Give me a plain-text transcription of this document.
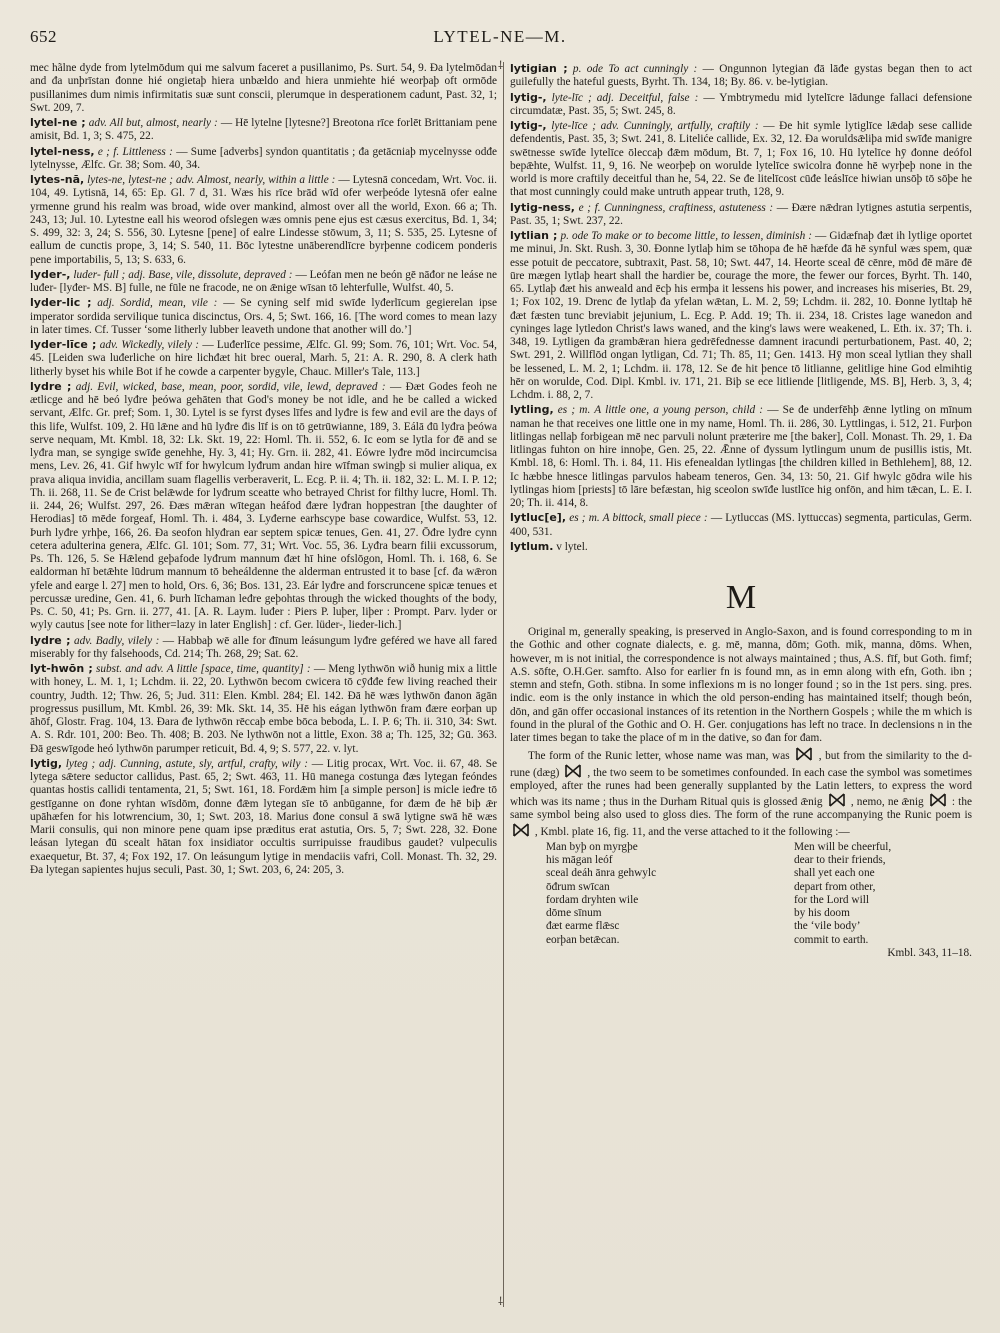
652	LYTEL-NE—M.
⸸
⸸

mec hãlne dyde from lytelmōdum qui me salvum faceret a pusillanimo, Ps. Surt. 54, 9. Đa lytelmōdan and đa unþrīstan đonne hié ongietaþ hiera unbældo and hiera unmiehte hié weorþaþ oft ormōde pusillanimes dum nimis infirmitatis suæ sunt conscii, plerumque in desperationem cadunt, Past. 32, 1; Swt. 209, 7.

lytel-ne ; adv. All but, almost, nearly : — Hē lytelne [lytesne?] Breotona rīce forlēt Brittaniam pene amisit, Bd. 1, 3; S. 475, 22.

lytel-ness, e ; f. Littleness : — Sume [adverbs] syndon quantitatis ; đa getācniaþ mycelnysse odđe lytelnysse, Ælfc. Gr. 38; Som. 40, 34.

lytes-nā, lytes-ne, lytest-ne ; adv. Almost, nearly, within a little : — Lytesnā concedam, Wrt. Voc. ii. 104, 49. Lytisnā, 14, 65: Ep. Gl. 7 d, 31. Wæs his rīce brād wīd ofer werþeóde lytesnā ofer ealne yrmenne grund his realm was broad, wide over mankind, almost over all the world, Exon. 66 a; Th. 243, 13; Jul. 10. Lytestne eall his weorod ofslegen wæs omnis pene ejus est cæsus exercitus, Bd. 1, 34; S. 499, 32: 3, 24; S. 556, 30. Lytesne [pene] of ealre Lindesse stōwum, 3, 11; S. 535, 25. Lytesne of eallum de cunctis prope, 3, 14; S. 540, 11. Bōc lytestne unāberendlīcre byrþenne codicem ponderis pene importabilis, 5, 13; S. 633, 6.

lyder-, luder- full ; adj. Base, vile, dissolute, depraved : — Leófan men ne beón gē nāđor ne leáse ne luđer- [lyđer- MS. B] fulle, ne fūle ne fracode, ne on ǣnige wīsan tō lehterfulle, Wulfst. 40, 5.

lyder-lic ; adj. Sordid, mean, vile : — Se cyning self mid swīđe lyđerlīcum gegierelan ipse imperator sordida servilique tunica discinctus, Ors. 4, 5; Swt. 166, 16. [The word comes to mean lazy in later times. Cf. Tusser ‘some litherly lubber leaveth undone that another will do.’]

lyder-līce ; adv. Wickedly, vilely : — Luđerlīce pessime, Ælfc. Gl. 99; Som. 76, 101; Wrt. Voc. 54, 45. [Leiden swa luđerliche on hire lichđæt hit brec oueral, Marh. 5, 21: A. R. 290, 8. A clerk hath litherly byset his while Bot if he cowde a carpenter bygyle, Chauc. Miller's Tale, 113.]

lydre ; adj. Evil, wicked, base, mean, poor, sordid, vile, lewd, depraved : — Đæt Godes feoh ne ætlicge and hē beó lyđre þeówa gehāten that God's money be not idle, and he be called a wicked servant, Ælfc. Gr. pref; Som. 1, 30. Lytel is se fyrst đyses līfes and lyđre is few and evil are the days of this life, Wulfst. 109, 2. Hū lǣne and hū lyđre đis līf is on tō getrūwianne, 189, 3. Eálā đū lyđra þeówa serve nequam, Mt. Kmbl. 18, 32: Lk. Skt. 19, 22: Homl. Th. ii. 552, 6. Ic eom se lytla for đē and se lyđra man, se syngige swīđe genehhe, Hy. 3, 41; Hy. Grn. ii. 282, 41. Eówre lyđre mōd incircumcisa mens, Lev. 26, 41. Gif hwylc wīf for hwylcum lyđrum andan hire wīfman swingþ si mulier aliqua, ex prava aliqua invidia, ancillam suam flagellis verberaverit, L. Ecg. P. ii. 4; Th. ii. 182, 32: L. M. I. P. 12; Th. ii. 268, 11. Se đe Crist belǣwde for lyđrum sceatte who betrayed Christ for filthy lucre, Homl. Th. ii. 244, 26; Wulfst. 297, 26. Đæs mǣran wītegan heáfod đære lyđran hoppestran [the daughter of Herodias] tō mēde forgeaf, Homl. Th. i. 484, 3. Lyđerne earhscype base cowardice, Wulfst. 53, 12. Þurh lyđre yrhþe, 166, 26. Đa seofon hlyđran ear septem spicæ tenues, Gen. 41, 27. Ōđre lyđre cynn cetera adulterina genera, Ælfc. Gl. 101; Som. 77, 31; Wrt. Voc. 55, 36. Lyđra bearn filii excussorum, Ps. Th. 126, 5. Se Hǣlend geþafode lyđrum mannum đæt hī hine ofslōgon, Homl. Th. i. 168, 6. Se ealdorman hī betǣhte lūdrum mannum tō beheáldenne the alderman entrusted it to base [cf. đa wǣron yfele and earge l. 27] men to hold, Ors. 6, 36; Bos. 131, 23. Eár lyđre and forscruncene spicæ tenues et percussæ uredine, Gen. 41, 6. Þurh līchaman leđre geþohtas through the wicked thoughts of the body, Ps. C. 50, 41; Ps. Grn. ii. 277, 41. [A. R. Laym. luđer : Piers P. luþer, liþer : Prompt. Parv. lyder or wyly cautus [see note for lither=lazy in later English] : cf. Ger. lüder-, lieder-lich.]

lydre ; adv. Badly, vilely : — Habbaþ wē alle for đīnum leásungum lyđre geféred we have all fared miserably for thy falsehoods, Cd. 214; Th. 268, 29; Sat. 62.

lyt-hwōn ; subst. and adv. A little [space, time, quantity] : — Meng lythwōn wið hunig mix a little with honey, L. M. 1, 1; Lchdm. ii. 22, 20. Lythwōn becom cwicera tō cȳđđe few living reached their country, Judth. 12; Thw. 26, 5; Jud. 311: Elen. Kmbl. 284; El. 142. Đā hē wæs lythwōn đanon āgān progressus pusillum, Mt. Kmbl. 26, 39: Mk. Skt. 14, 35. Hē his eágan lythwōn fram đære eorþan up āhōf, Glostr. Frag. 104, 13. Đara đe lythwōn rēccaþ embe bōca beboda, L. I. P. 6; Th. ii. 310, 34: Swt. A. S. Rdr. 101, 200: Beo. Th. 408; B. 203. Ne lythwōn not a little, Exon. 38 a; Th. 125, 32; Gū. 363. Đā geswīgode heó lythwōn parumper reticuit, Bd. 4, 9; S. 577, 22. v. lyt.

lytig, lyteg ; adj. Cunning, astute, sly, artful, crafty, wily : — Litig procax, Wrt. Voc. ii. 67, 48. Se lytega sǣtere seductor callidus, Past. 65, 2; Swt. 463, 11. Hū manega costunga đæs lytegan feóndes quantas hostis callidi tentamenta, 21, 5; Swt. 161, 18. Fordǣm him [a simple person] is micle ieđre tō gestīganne on đone ryhtan wīsdōm, đonne đǣm lytegan sīe tō anbūganne, for đæm đe hē biþ ǣr upāhæfen for his lotwrencium, 30, 1; Swt. 203, 18. Marius đone consul ā swā lytigne swā hē wæs Marii consulis, qui non minore pene quam ipse præditus erat astutia, Ors. 5, 7; Swt. 228, 32. Đone leásan lytegan đū scealt hātan fox insidiator occultis surripuisse fraudibus gaudet? vulpeculis exaequetur, Bt. 37, 4; Fox 192, 17. On leásungum lytige in mendaciis vafri, Coll. Monast. Th. 32, 29. Đa lytegan sapientes hujus seculi, Past. 30, 1; Swt. 203, 6, 24: 205, 3.

lytigian ; p. ode To act cunningly : — Ongunnon lytegian đā lāđe gystas began then to act guilefully the hateful guests, Byrht. Th. 134, 18; By. 86. v. be-lytigian.

lytig-, lyte-līc ; adj. Deceitful, false : — Ymbtrymedu mid lytelīcre lādunge fallaci defensione circumdatæ, Past. 35, 5; Swt. 245, 8.

lytig-, lyte-līce ; adv. Cunningly, artfully, craftily : — Đe hit symle lytiglīce lǣdaþ sese callide defendentis, Past. 35, 3; Swt. 241, 8. Liteliće callide, Ex. 32, 12. Đa woruldsǣliþa mid swīđe manigre swētnesse swīđe lytelīce ōleccaþ đǣm mōdum, Bt. 7, 1; Fox 16, 10. Hū lytelīce hȳ đonne deófol bepǣhte, Wulfst. 11, 9, 16. Ne weorþeþ on worulde lytelīce swicolra đonne hē wyrþeþ none in the world is more craftily deceitful than he, 54, 22. Se đe litelīcost cūđe leáslīce hiwian unsōþ tō sōþe he that most cunningly could make untruth appear truth, 128, 9.

lytig-ness, e ; f. Cunningness, craftiness, astuteness : — Đære nǣdran lytignes astutia serpentis, Past. 35, 1; Swt. 237, 22.

lytlian ; p. ode To make or to become little, to lessen, diminish : — Gidæfnaþ đæt ih lytlige oportet me minui, Jn. Skt. Rush. 3, 30. Đonne lytlaþ him se tōhopa đe hē hæfde đā hē synful wæs spem, quæ esse potuit de peccatore, subtraxit, Past. 58, 10; Swt. 447, 14. Heorte sceal đē cēnre, mōd đē māre đē ūre mægen lytlaþ heart shall the hardier be, courage the more, the fewer our forces, Byrht. Th. 140, 65. Lytlaþ đæt his anweald and ēcþ his ermþa it lessens his power, and increases his miseries, Bt. 29, 1; Fox 102, 19. Drenc đe lytlaþ đa yfelan wǣtan, L. M. 2, 59; Lchdm. ii. 282, 10. Đonne lytltaþ hē đæt fæsten tunc breviabit jejunium, L. Ecg. P. Add. 19; Th. ii. 234, 18. Cristes lage wanedon and cyninges lage lytledon Christ's laws waned, and the king's laws were weakened, L. Eth. ix. 37; Th. i. 348, 19. Lytligen đa grambǣran hiera gedrēfednesse damnent iracundi perturbationem, Past. 40, 2; Swt. 291, 2. Willflōd ongan lytligan, Cd. 71; Th. 85, 11; Gen. 1413. Hȳ mon sceal lytlian they shall be lessened, L. M. 2, 1; Lchdm. ii. 178, 12. Se đe hit þence tō litlianne, gelitlige hine God elmihtig hēr on worulde, Cod. Dipl. Kmbl. iv. 171, 21. Biþ se ece litliende [litligende, MS. B], Herb. 3, 3, 4; Lchdm. i. 88, 2, 7.

lytling, es ; m. A little one, a young person, child : — Se đe underfēhþ ǣnne lytling on mīnum naman he that receives one little one in my name, Homl. Th. ii. 286, 30. Lyttlingas, i. 512, 21. Furþon litlingas nellaþ forbigean mē nec parvuli nolunt præterire me [the baker], Coll. Monast. Th. 29, 1. Đa litlingas fuhton on hire innoþe, Gen. 25, 22. Ǣnne of đyssum lytlingum unum de pusillis istis, Mt. Kmbl. 18, 6: Homl. Th. i. 84, 11. His efenealdan lytlingas [the children killed in Bethlehem], 88, 12. Ic hæbbe hnesce litlingas parvulos habeam teneros, Gen. 34, 13: 50, 21. Gif hwylc gōdra wile his lytlingas hiom [priests] tō lāre befæstan, hig sceolon swīđe lustlīce hig onfōn, and him tǣcan, L. E. I. 20; Th. ii. 414, 8.

lytluc[e], es ; m. A bittock, small piece : — Lytluccas (MS. lyttuccas) segmenta, particulas, Germ. 400, 531.

lytlum. v lytel.

M

Original m, generally speaking, is preserved in Anglo-Saxon, and is found corresponding to m in the Gothic and other cognate dialects, e. g. mē, manna, dōm; Goth. mik, manna, dōms. When, however, m is not initial, the correspondence is not always maintained ; thus, A.S. fīf, but Goth. fimf; A.S. sōfte, O.H.Ger. samfto. Also for earlier fn is found mn, as in emn along with efn, Goth. ibn ; stemn and stefn, Goth. stibna. In some inflexions m is no longer found ; so in the 1st pers. sing. pres. indic. eom is the only instance in which the old person-ending has maintained itself; though beón, dōn, and gān offer occasional instances of its retention in the Northern Gospels ; while the m which is found in the plural of the Gothic and O. H. Ger. conjugations has left no trace. In declensions n in the later times began to take the place of m in the dative, so đan for đam.

The form of the Runic letter, whose name was man, was	, but from the similarity to the d-rune (dæg) , the two seem to be sometimes confounded. In each case the symbol was sometimes employed, after the runes had been generally supplanted by the Latin letters, to express the word which was its name ; thus in the Durham Ritual quis is glossed ǣnig	, nemo, ne ǣnig	: the same symbol being also used to gloss dies. The form of the rune accompanying the Runic poem is  , Kmbl. plate 16, fig. 11, and the verse attached to it the following :—

Man byþ on myrgþe	Men will be cheerful,
his māgan leóf	dear to their friends,
sceal deáh ānra gehwylc	shall yet each one
ōđrum swīcan	depart from other,
fordam dryhten wile	for the Lord will
dōme sīnum	by his doom
đæt earme flǣsc	the ‘vile body’
eorþan betǣcan.	commit to earth.
Kmbl. 343, 11–18.
